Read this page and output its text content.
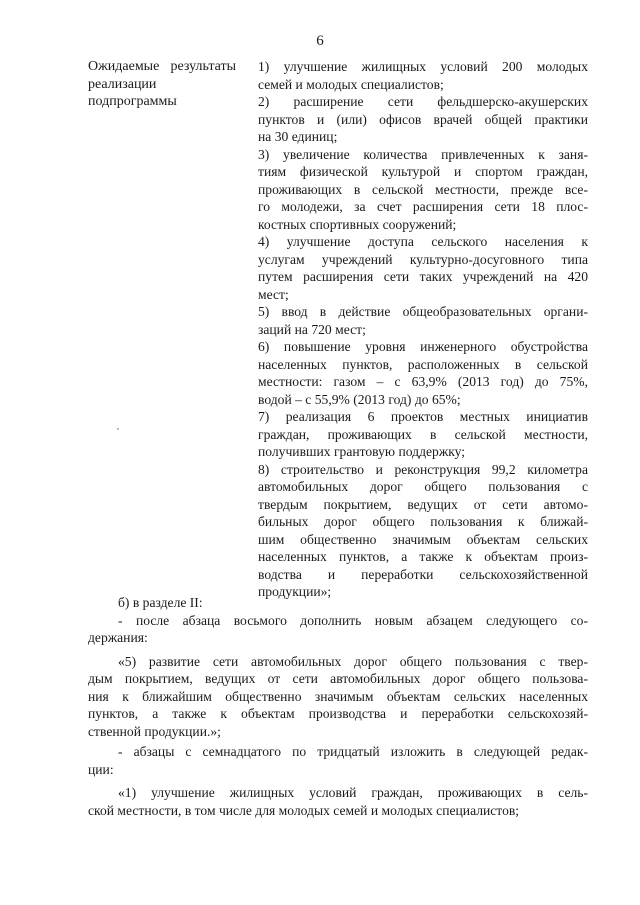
6
Ожидаемые результаты реализации
подпрограммы
1) улучшение жилищных условий 200 молодых
семей и молодых специалистов;
2) расширение сети фельдшерско-акушерских
пунктов и (или) офисов врачей общей практики
на 30 единиц;
3) увеличение количества привлеченных к заня-
тиям физической культурой и спортом граждан,
проживающих в сельской местности, прежде все-
го молодежи, за счет расширения сети 18 плос-
костных спортивных сооружений;
4) улучшение доступа сельского населения к
услугам учреждений культурно-досуговного типа
путем расширения сети таких учреждений на 420
мест;
5) ввод в действие общеобразовательных органи-
заций на 720 мест;
6) повышение уровня инженерного обустройства
населенных пунктов, расположенных в сельской
местности: газом – с 63,9% (2013 год) до 75%,
водой – с 55,9% (2013 год) до 65%;
7) реализация 6 проектов местных инициатив
граждан, проживающих в сельской местности,
получивших грантовую поддержку;
8) строительство и реконструкция 99,2 километра
автомобильных дорог общего пользования с
твердым покрытием, ведущих от сети автомо-
бильных дорог общего пользования к ближай-
шим общественно значимым объектам сельских
населенных пунктов, а также к объектам произ-
водства и переработки сельскохозяйственной
продукции»;
б) в разделе II:
- после абзаца восьмого дополнить новым абзацем следующего со-
держания:
«5) развитие сети автомобильных дорог общего пользования с твер-
дым покрытием, ведущих от сети автомобильных дорог общего пользова-
ния к ближайшим общественно значимым объектам сельских населенных
пунктов, а также к объектам производства и переработки сельскохозяй-
ственной продукции.»;
- абзацы с семнадцатого по тридцатый изложить в следующей редак-
ции:
«1) улучшение жилищных условий граждан, проживающих в сель-
ской местности, в том числе для молодых семей и молодых специалистов;
